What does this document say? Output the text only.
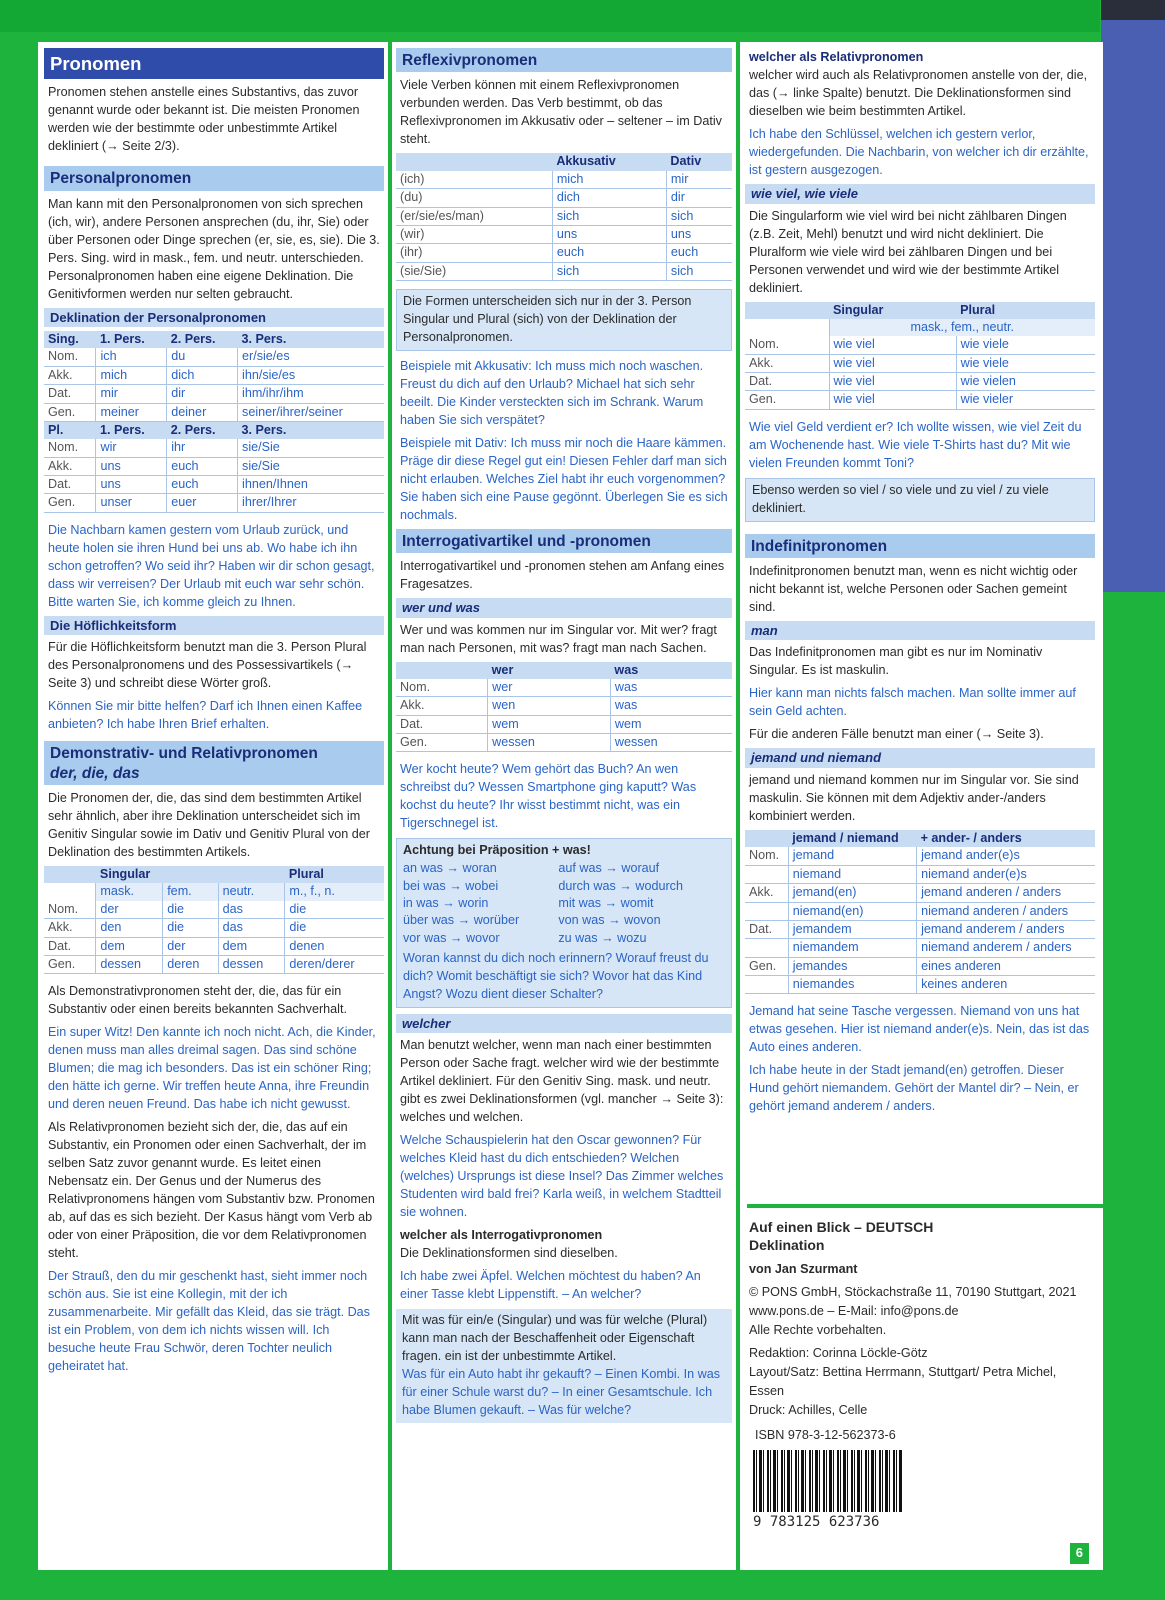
Pronomen

Pronomen stehen anstelle eines Substantivs, das zuvor genannt wurde oder bekannt ist. Die meisten Pronomen werden wie der bestimmte oder unbestimmte Artikel dekliniert (→ Seite 2/3).

Personalpronomen

Man kann mit den Personalpronomen von sich sprechen (ich, wir), andere Personen ansprechen (du, ihr, Sie) oder über Personen oder Dinge sprechen (er, sie, es, sie). Die 3. Pers. Sing. wird in mask., fem. und neutr. unterschieden. Personalpronomen haben eine eigene Deklination. Die Genitivformen werden nur selten gebraucht.

Deklination der Personalpronomen
Sing.	1. Pers.	2. Pers.	3. Pers.
Nom.	ich	du	er/sie/es
Akk.	mich	dich	ihn/sie/es
Dat.	mir	dir	ihm/ihr/ihm
Gen.	meiner	deiner	seiner/ihrer/seiner
Pl.	1. Pers.	2. Pers.	3. Pers.
Nom.	wir	ihr	sie/Sie
Akk.	uns	euch	sie/Sie
Dat.	uns	euch	ihnen/Ihnen
Gen.	unser	euer	ihrer/Ihrer

Die Nachbarn kamen gestern vom Urlaub zurück, und heute holen sie ihren Hund bei uns ab. Wo habe ich ihn schon getroffen? Wo seid ihr? Haben wir dir schon gesagt, dass wir verreisen? Der Urlaub mit euch war sehr schön. Bitte warten Sie, ich komme gleich zu Ihnen.

Die Höflichkeitsform

Für die Höflichkeitsform benutzt man die 3. Person Plural des Personalpronomens und des Possessivartikels (→ Seite 3) und schreibt diese Wörter groß.

Können Sie mir bitte helfen? Darf ich Ihnen einen Kaffee anbieten? Ich habe Ihren Brief erhalten.

Demonstrativ- und Relativpronomen
der, die, das

Die Pronomen der, die, das sind dem bestimmten Artikel sehr ähnlich, aber ihre Deklination unterscheidet sich im Genitiv Singular sowie im Dativ und Genitiv Plural von der Deklination des bestimmten Artikels.

	Singular			Plural
	mask.	fem.	neutr.	m., f., n.
Nom.	der	die	das	die
Akk.	den	die	das	die
Dat.	dem	der	dem	denen
Gen.	dessen	deren	dessen	deren/derer

Als Demonstrativpronomen steht der, die, das für ein Substantiv oder einen bereits bekannten Sachverhalt.

Ein super Witz! Den kannte ich noch nicht. Ach, die Kinder, denen muss man alles dreimal sagen. Das sind schöne Blumen; die mag ich besonders. Das ist ein schöner Ring; den hätte ich gerne. Wir treffen heute Anna, ihre Freundin und deren neuen Freund. Das habe ich nicht gewusst.

Als Relativpronomen bezieht sich der, die, das auf ein Substantiv, ein Pronomen oder einen Sachverhalt, der im selben Satz zuvor genannt wurde. Es leitet einen Nebensatz ein. Der Genus und der Numerus des Relativpronomens hängen vom Substantiv bzw. Pronomen ab, auf das es sich bezieht. Der Kasus hängt vom Verb ab oder von einer Präposition, die vor dem Relativpronomen steht.

Der Strauß, den du mir geschenkt hast, sieht immer noch schön aus. Sie ist eine Kollegin, mit der ich zusammenarbeite. Mir gefällt das Kleid, das sie trägt. Das ist ein Problem, von dem ich nichts wissen will. Ich besuche heute Frau Schwör, deren Tochter neulich geheiratet hat.

Reflexivpronomen

Viele Verben können mit einem Reflexivpronomen verbunden werden. Das Verb bestimmt, ob das Reflexivpronomen im Akkusativ oder – seltener – im Dativ steht.

	Akkusativ	Dativ
(ich)	mich	mir
(du)	dich	dir
(er/sie/es/man)	sich	sich
(wir)	uns	uns
(ihr)	euch	euch
(sie/Sie)	sich	sich
Die Formen unterscheiden sich nur in der 3. Person Singular und Plural (sich) von der Deklination der Personalpronomen.

Beispiele mit Akkusativ: Ich muss mich noch waschen. Freust du dich auf den Urlaub? Michael hat sich sehr beeilt. Die Kinder versteckten sich im Schrank. Warum haben Sie sich verspätet?

Beispiele mit Dativ: Ich muss mir noch die Haare kämmen. Präge dir diese Regel gut ein! Diesen Fehler darf man sich nicht erlauben. Welches Ziel habt ihr euch vorgenommen? Sie haben sich eine Pause gegönnt. Überlegen Sie es sich nochmals.

Interrogativartikel und -pronomen

Interrogativartikel und -pronomen stehen am Anfang eines Fragesatzes.

wer und was

Wer und was kommen nur im Singular vor. Mit wer? fragt man nach Personen, mit was? fragt man nach Sachen.

	wer	was
Nom.	wer	was
Akk.	wen	was
Dat.	wem	wem
Gen.	wessen	wessen

Wer kocht heute? Wem gehört das Buch? An wen schreibst du? Wessen Smartphone ging kaputt? Was kochst du heute? Ihr wisst bestimmt nicht, was ein Tigerschnegel ist.

Achtung bei Präposition + was!
an was → woran	auf was → worauf
bei was → wobei	durch was → wodurch
in was → worin	mit was → womit
über was → worüber	von was → wovon
vor was → wovor	zu was → wozu
Woran kannst du dich noch erinnern? Worauf freust du dich? Womit beschäftigt sie sich? Wovor hat das Kind Angst? Wozu dient dieser Schalter?
welcher

Man benutzt welcher, wenn man nach einer bestimmten Person oder Sache fragt. welcher wird wie der bestimmte Artikel dekliniert. Für den Genitiv Sing. mask. und neutr. gibt es zwei Deklinationsformen (vgl. mancher → Seite 3): welches und welchen.

Welche Schauspielerin hat den Oscar gewonnen? Für welches Kleid hast du dich entschieden? Welchen (welches) Ursprungs ist diese Insel? Das Zimmer welches Studenten wird bald frei? Karla weiß, in welchem Stadtteil sie wohnen.

welcher als Interrogativpronomen

Die Deklinationsformen sind dieselben.

Ich habe zwei Äpfel. Welchen möchtest du haben? An einer Tasse klebt Lippenstift. – An welcher?

Mit was für ein/e (Singular) und was für welche (Plural) kann man nach der Beschaffenheit oder Eigenschaft fragen. ein ist der unbestimmte Artikel.
Was für ein Auto habt ihr gekauft? – Einen Kombi. In was für einer Schule warst du? – In einer Gesamtschule. Ich habe Blumen gekauft. – Was für welche?

welcher als Relativpronomen

welcher wird auch als Relativpronomen anstelle von der, die, das (→ linke Spalte) benutzt. Die Deklinationsformen sind dieselben wie beim bestimmten Artikel.

Ich habe den Schlüssel, welchen ich gestern verlor, wiedergefunden. Die Nachbarin, von welcher ich dir erzählte, ist gestern ausgezogen.

wie viel, wie viele

Die Singularform wie viel wird bei nicht zählbaren Dingen (z.B. Zeit, Mehl) benutzt und wird nicht dekliniert. Die Pluralform wie viele wird bei zählbaren Dingen und bei Personen verwendet und wird wie der bestimmte Artikel dekliniert.

	Singular	Plural
	mask., fem., neutr.	
Nom.	wie viel	wie viele
Akk.	wie viel	wie viele
Dat.	wie viel	wie vielen
Gen.	wie viel	wie vieler

Wie viel Geld verdient er? Ich wollte wissen, wie viel Zeit du am Wochenende hast. Wie viele T-Shirts hast du? Mit wie vielen Freunden kommt Toni?

Ebenso werden so viel / so viele und zu viel / zu viele dekliniert.
Indefinitpronomen

Indefinitpronomen benutzt man, wenn es nicht wichtig oder nicht bekannt ist, welche Personen oder Sachen gemeint sind.

man

Das Indefinitpronomen man gibt es nur im Nominativ Singular. Es ist maskulin.

Hier kann man nichts falsch machen. Man sollte immer auf sein Geld achten.

Für die anderen Fälle benutzt man einer (→ Seite 3).

jemand und niemand

jemand und niemand kommen nur im Singular vor. Sie sind maskulin. Sie können mit dem Adjektiv ander-/anders kombiniert werden.

	jemand / niemand	+ ander- / anders
Nom.	jemand	jemand ander(e)s
	niemand	niemand ander(e)s
Akk.	jemand(en)	jemand anderen / anders
	niemand(en)	niemand anderen / anders
Dat.	jemandem	jemand anderem / anders
	niemandem	niemand anderem / anders
Gen.	jemandes	eines anderen
	niemandes	keines anderen

Jemand hat seine Tasche vergessen. Niemand von uns hat etwas gesehen. Hier ist niemand ander(e)s. Nein, das ist das Auto eines anderen.

Ich habe heute in der Stadt jemand(en) getroffen. Dieser Hund gehört niemandem. Gehört der Mantel dir? – Nein, er gehört jemand anderem / anders.

Auf einen Blick – DEUTSCH
Deklination
von Jan Szurmant
© PONS GmbH, Stöckachstraße 11, 70190 Stuttgart, 2021
www.pons.de – E-Mail: info@pons.de
Alle Rechte vorbehalten.
Redaktion: Corinna Löckle-Götz
Layout/Satz: Bettina Herrmann, Stuttgart/ Petra Michel, Essen
Druck: Achilles, Celle
ISBN 978-3-12-562373-6
9 783125 623736
6
